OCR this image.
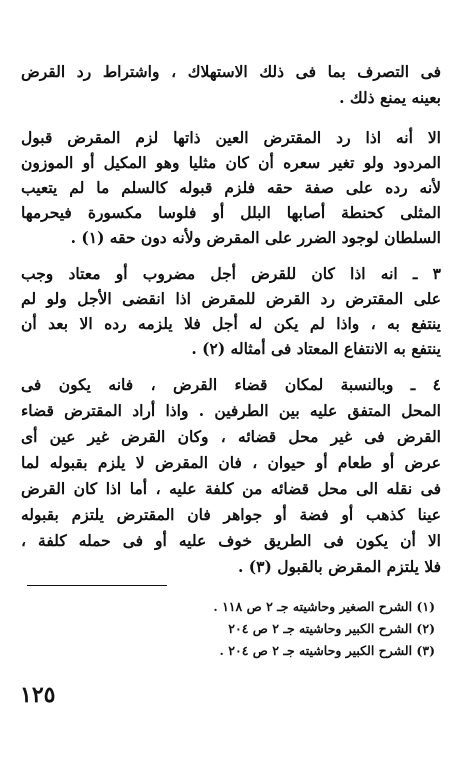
فى التصرف بما فى ذلك الاستهلاك ، واشتراط رد القرض
بعينه يمنع ذلك .
الا أنه اذا رد المقترض العين ذاتها لزم المقرض قبول
المردود ولو تغير سعره أن كان مثليا وهو المكيل أو الموزون
لأنه رده على صفة حقه فلزم قبوله كالسلم ما لم يتعيب
المثلى كحنطة أصابها البلل أو فلوسا مكسورة فيحرمها
السلطان لوجود الضرر على المقرض ولأنه دون حقه (١) .
٣ ـ انه اذا كان للقرض أجل مضروب أو معتاد وجب
على المقترض رد القرض للمقرض اذا انقضى الأجل ولو لم
ينتفع به ، واذا لم يكن له أجل فلا يلزمه رده الا بعد أن
ينتفع به الانتفاع المعتاد فى أمثاله (٢) .
٤ ـ وبالنسبة لمكان قضاء القرض ، فانه يكون فى
المحل المتفق عليه بين الطرفين . واذا أراد المقترض قضاء
القرض فى غير محل قضائه ، وكان القرض غير عين أى
عرض أو طعام أو حيوان ، فان المقرض لا يلزم بقبوله لما
فى نقله الى محل قضائه من كلفة عليه ، أما اذا كان القرض
عينا كذهب أو فضة أو جواهر فان المقترض يلتزم بقبوله
الا أن يكون فى الطريق خوف عليه أو فى حمله كلفة ،
فلا يلتزم المقرض بالقبول (٣) .
(١) الشرح الصغير وحاشيته جـ ٢ ص ١١٨ .
(٢) الشرح الكبير وحاشيته جـ ٢ ص ٢٠٤
(٣) الشرح الكبير وحاشيته جـ ٢ ص ٢٠٤ .
١٢٥
